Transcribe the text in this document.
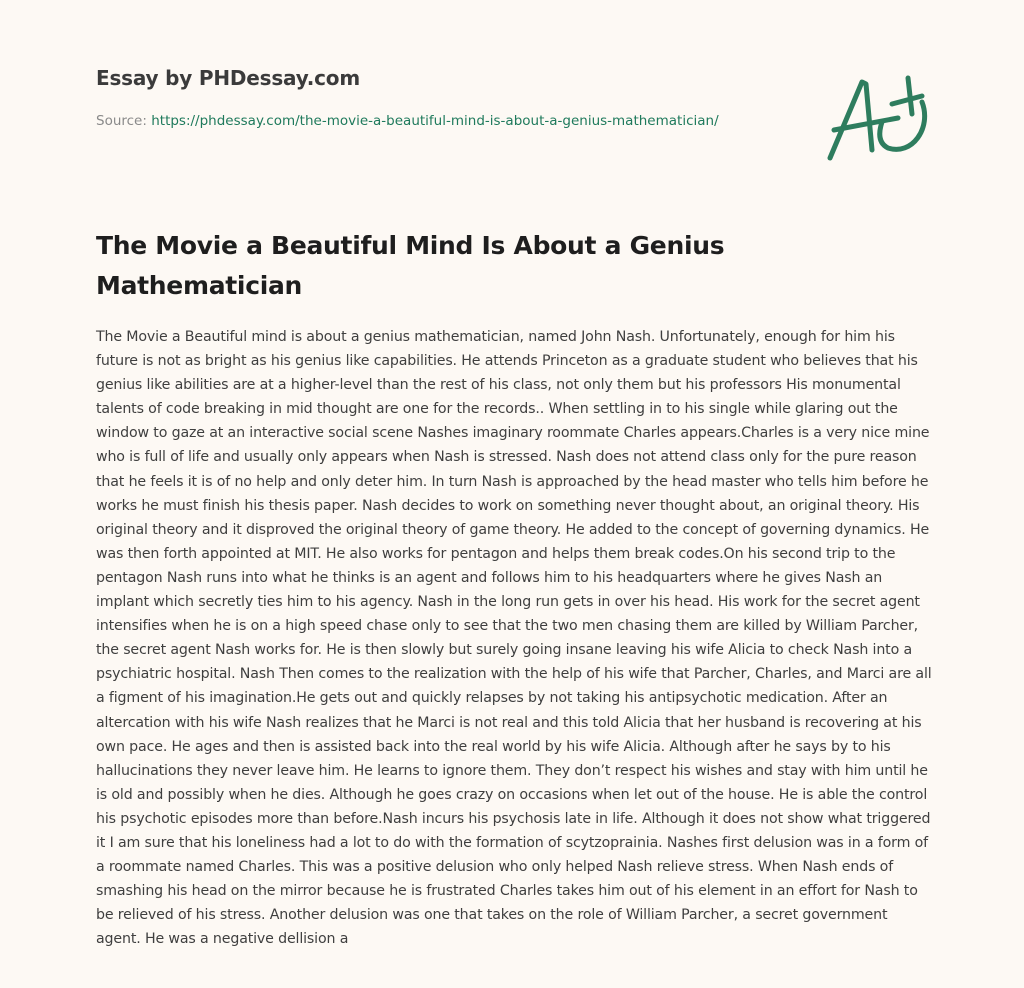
Essay by PHDessay.com
Source: https://phdessay.com/the-movie-a-beautiful-mind-is-about-a-genius-mathematician/
The Movie a Beautiful Mind Is About a Genius Mathematician

The Movie a Beautiful mind is about a genius mathematician, named John Nash. Unfortunately, enough for him his future is not as bright as his genius like capabilities. He attends Princeton as a graduate student who believes that his genius like abilities are at a higher-level than the rest of his class, not only them but his professors His monumental talents of code breaking in mid thought are one for the records.. When settling in to his single while glaring out the window to gaze at an interactive social scene Nashes imaginary roommate Charles appears.Charles is a very nice mine who is full of life and usually only appears when Nash is stressed. Nash does not attend class only for the pure reason that he feels it is of no help and only deter him. In turn Nash is approached by the head master who tells him before he works he must finish his thesis paper. Nash decides to work on something never thought about, an original theory. His original theory and it disproved the original theory of game theory. He added to the concept of governing dynamics. He was then forth appointed at MIT. He also works for pentagon and helps them break codes.On his second trip to the pentagon Nash runs into what he thinks is an agent and follows him to his headquarters where he gives Nash an implant which secretly ties him to his agency. Nash in the long run gets in over his head. His work for the secret agent intensifies when he is on a high speed chase only to see that the two men chasing them are killed by William Parcher, the secret agent Nash works for. He is then slowly but surely going insane leaving his wife Alicia to check Nash into a psychiatric hospital. Nash Then comes to the realization with the help of his wife that Parcher, Charles, and Marci are all a figment of his imagination.He gets out and quickly relapses by not taking his antipsychotic medication. After an altercation with his wife Nash realizes that he Marci is not real and this told Alicia that her husband is recovering at his own pace. He ages and then is assisted back into the real world by his wife Alicia. Although after he says by to his hallucinations they never leave him. He learns to ignore them. They don’t respect his wishes and stay with him until he is old and possibly when he dies. Although he goes crazy on occasions when let out of the house. He is able the control his psychotic episodes more than before.Nash incurs his psychosis late in life. Although it does not show what triggered it I am sure that his loneliness had a lot to do with the formation of scytzoprainia. Nashes first delusion was in a form of a roommate named Charles. This was a positive delusion who only helped Nash relieve stress. When Nash ends of smashing his head on the mirror because he is frustrated Charles takes him out of his element in an effort for Nash to be relieved of his stress. Another delusion was one that takes on the role of William Parcher, a secret government agent. He was a negative dellision a
